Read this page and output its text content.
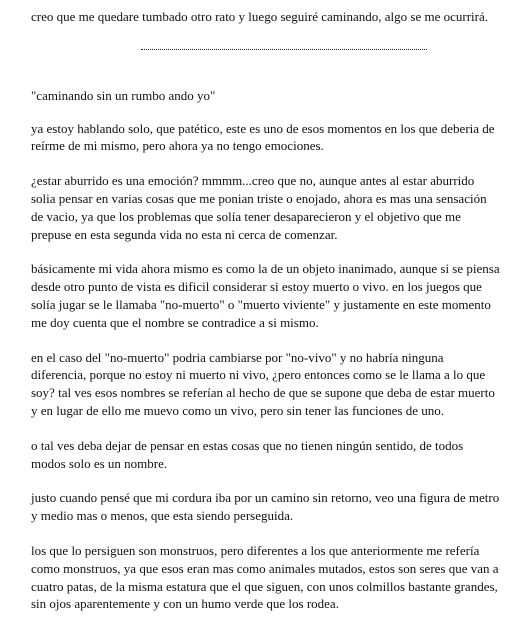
creo que me quedare tumbado otro rato y luego seguiré caminando, algo se me ocurrirá.

"caminando sin un rumbo ando yo"

ya estoy hablando solo, que patético, este es uno de esos momentos en los que deberia de reírme de mi mismo, pero ahora ya no tengo emociones.

¿estar aburrido es una emoción? mmmm...creo que no, aunque antes al estar aburrido solia pensar en varias cosas que me ponian triste o enojado, ahora es mas una sensación de vacio, ya que los problemas que solía tener desaparecieron y el objetivo que me prepuse en esta segunda vida no esta ni cerca de comenzar.

básicamente mi vida ahora mismo es como la de un objeto inanimado, aunque si se piensa desde otro punto de vista es dificil considerar si estoy muerto o vivo. en los juegos que solía jugar se le llamaba "no-muerto" o "muerto viviente" y justamente en este momento me doy cuenta que el nombre se contradice a si mismo.

en el caso del "no-muerto" podria cambiarse por "no-vivo" y no habría ninguna diferencia, porque no estoy ni muerto ni vivo, ¿pero entonces como se le llama a lo que soy? tal ves esos nombres se referían al hecho de que se supone que deba de estar muerto y en lugar de ello me muevo como un vivo, pero sin tener las funciones de uno.

o tal ves deba dejar de pensar en estas cosas que no tienen ningún sentido, de todos modos solo es un nombre.

justo cuando pensé que mi cordura iba por un camino sin retorno, veo una figura de metro y medio mas o menos, que esta siendo perseguida.

los que lo persiguen son monstruos, pero diferentes a los que anteriormente me refería como monstruos, ya que esos eran mas como animales mutados, estos son seres que van a cuatro patas, de la misma estatura que el que siguen, con unos colmillos bastante grandes, sin ojos aparentemente y con un humo verde que los rodea.
